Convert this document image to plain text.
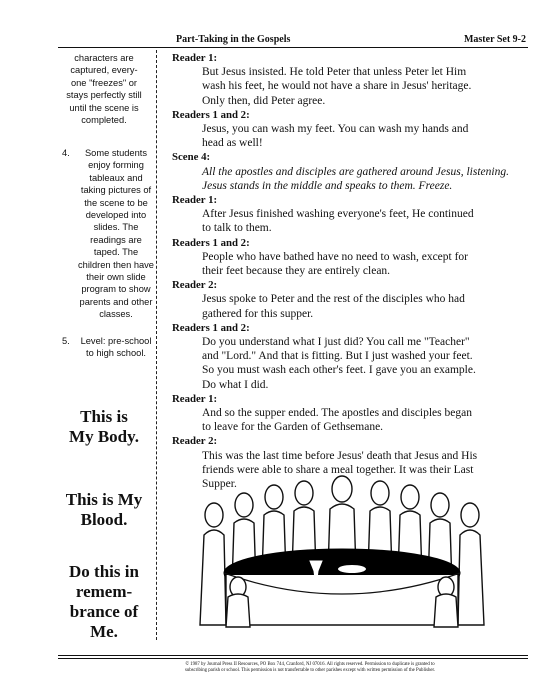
Part-Taking in the Gospels	Master Set 9-2
characters are
captured, every-
one "freezes" or
stays perfectly still
until the scene is
completed.
4.	Some students
enjoy forming
tableaux and
taking pictures of
the scene to be
developed into
slides. The
readings are
taped. The
children then have
their own slide
program to show
parents and other
classes.
5.	Level: pre-school
to high school.
This is
My Body.
This is My
Blood.
Do this in
remem-
brance of
Me.
Reader 1:
But Jesus insisted. He told Peter that unless Peter let Him
wash his feet, he would not have a share in Jesus' heritage.
Only then, did Peter agree.
Readers 1 and 2:
Jesus, you can wash my feet. You can wash my hands and
head as well!
Scene 4:
All the apostles and disciples are gathered around Jesus, listening.
Jesus stands in the middle and speaks to them. Freeze.
Reader 1:
After Jesus finished washing everyone's feet, He continued
to talk to them.
Readers 1 and 2:
People who have bathed have no need to wash, except for
their feet because they are entirely clean.
Reader 2:
Jesus spoke to Peter and the rest of the disciples who had
gathered for this supper.
Readers 1 and 2:
Do you understand what I just did? You call me "Teacher"
and "Lord." And that is fitting. But I just washed your feet.
So you must wash each other's feet. I gave you an example.
Do what I did.
Reader 1:
And so the supper ended. The apostles and disciples began
to leave for the Garden of Gethsemane.
Reader 2:
This was the last time before Jesus' death that Jesus and His
friends were able to share a meal together. It was their Last
Supper.
© 1987 by Journal Press II Resources, PO Box 744, Cranford, NJ 07016. All rights reserved. Permission to duplicate is granted to
subscribing parish or school. This permission is not transferrable to other parishes except with written permission of the Publisher.
